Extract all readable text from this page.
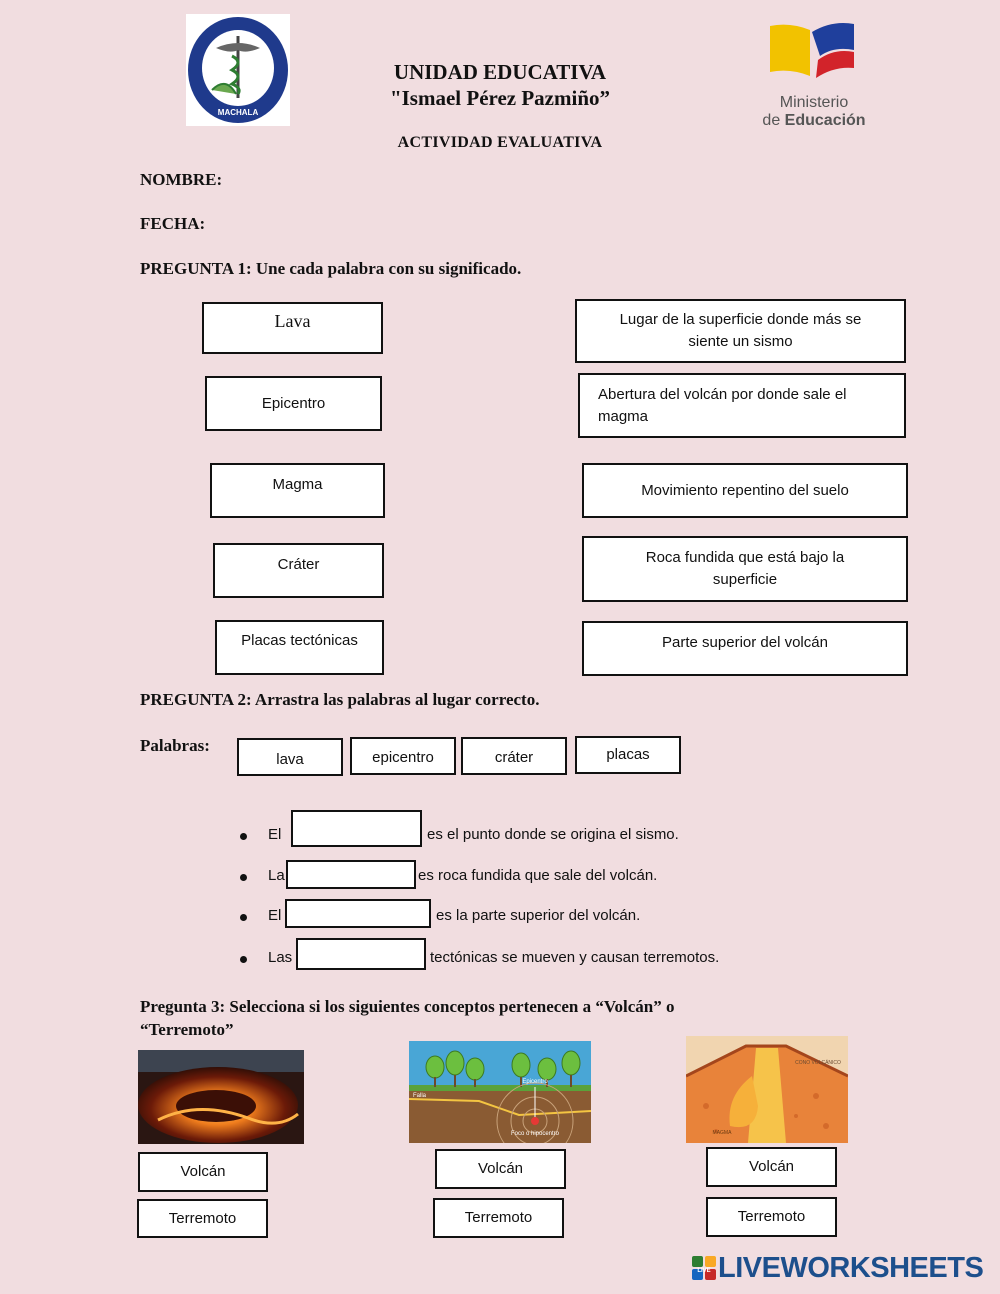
MACHALA
UNIDAD EDUCATIVA
"Ismael Pérez Pazmiño”
ACTIVIDAD EVALUATIVA
Ministerio
de Educación
NOMBRE:
FECHA:
PREGUNTA 1: Une cada palabra con su significado.
Lava
Epicentro
Magma
Cráter
Placas tectónicas
Lugar de la superficie donde más se siente un sismo
Abertura del volcán por donde sale el magma
Movimiento repentino del suelo
Roca fundida que está bajo la superficie
Parte superior del volcán
PREGUNTA 2: Arrastra las palabras al lugar correcto.
Palabras:
lava	epicentro	cráter	placas
El	es el punto donde se origina el sismo.
La	es roca fundida que sale del volcán.
El	es la parte superior del volcán.
Las	tectónicas se mueven y causan terremotos.
Pregunta 3: Selecciona si los siguientes conceptos pertenecen a “Volcán” o
“Terremoto”
Falla
Epicentro
Foco o hipocentro
CONO VOLCÁNICO
MAGMA
Volcán
Terremoto
Volcán
Terremoto
Volcán
Terremoto
LIVE LIVEWORKSHEETS
